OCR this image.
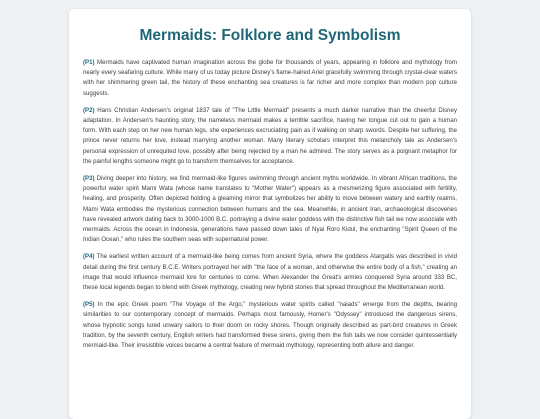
Mermaids: Folklore and Symbolism

(P1) Mermaids have captivated human imagination across the globe for thousands of years, appearing in folklore and mythology from nearly every seafaring culture. While many of us today picture Disney's flame-haired Ariel gracefully swimming through crystal-clear waters with her shimmering green tail, the history of these enchanting sea creatures is far richer and more complex than modern pop culture suggests.

(P2) Hans Christian Andersen's original 1837 tale of "The Little Mermaid" presents a much darker narrative than the cheerful Disney adaptation. In Andersen's haunting story, the nameless mermaid makes a terrible sacrifice, having her tongue cut out to gain a human form. With each step on her new human legs, she experiences excruciating pain as if walking on sharp swords. Despite her suffering, the prince never returns her love, instead marrying another woman. Many literary scholars interpret this melancholy tale as Andersen's personal expression of unrequited love, possibly after being rejected by a man he admired. The story serves as a poignant metaphor for the painful lengths someone might go to transform themselves for acceptance.

(P3) Diving deeper into history, we find mermaid-like figures swimming through ancient myths worldwide. In vibrant African traditions, the powerful water spirit Mami Wata (whose name translates to "Mother Water") appears as a mesmerizing figure associated with fertility, healing, and prosperity. Often depicted holding a gleaming mirror that symbolizes her ability to move between watery and earthly realms, Mami Wata embodies the mysterious connection between humans and the sea. Meanwhile, in ancient Iran, archaeological discoveries have revealed artwork dating back to 3000-1000 B.C. portraying a divine water goddess with the distinctive fish tail we now associate with mermaids. Across the ocean in Indonesia, generations have passed down tales of Nyai Roro Kidul, the enchanting "Spirit Queen of the Indian Ocean," who rules the southern seas with supernatural power.

(P4) The earliest written account of a mermaid-like being comes from ancient Syria, where the goddess Atargatis was described in vivid detail during the first century B.C.E. Writers portrayed her with "the face of a woman, and otherwise the entire body of a fish," creating an image that would influence mermaid lore for centuries to come. When Alexander the Great's armies conquered Syria around 333 BC, these local legends began to blend with Greek mythology, creating new hybrid stories that spread throughout the Mediterranean world.

(P5) In the epic Greek poem "The Voyage of the Argo," mysterious water spirits called "naiads" emerge from the depths, bearing similarities to our contemporary concept of mermaids. Perhaps most famously, Homer's "Odyssey" introduced the dangerous sirens, whose hypnotic songs lured unwary sailors to their doom on rocky shores. Though originally described as part-bird creatures in Greek tradition, by the seventh century, English writers had transformed these sirens, giving them the fish tails we now consider quintessentially mermaid-like. Their irresistible voices became a central feature of mermaid mythology, representing both allure and danger.
